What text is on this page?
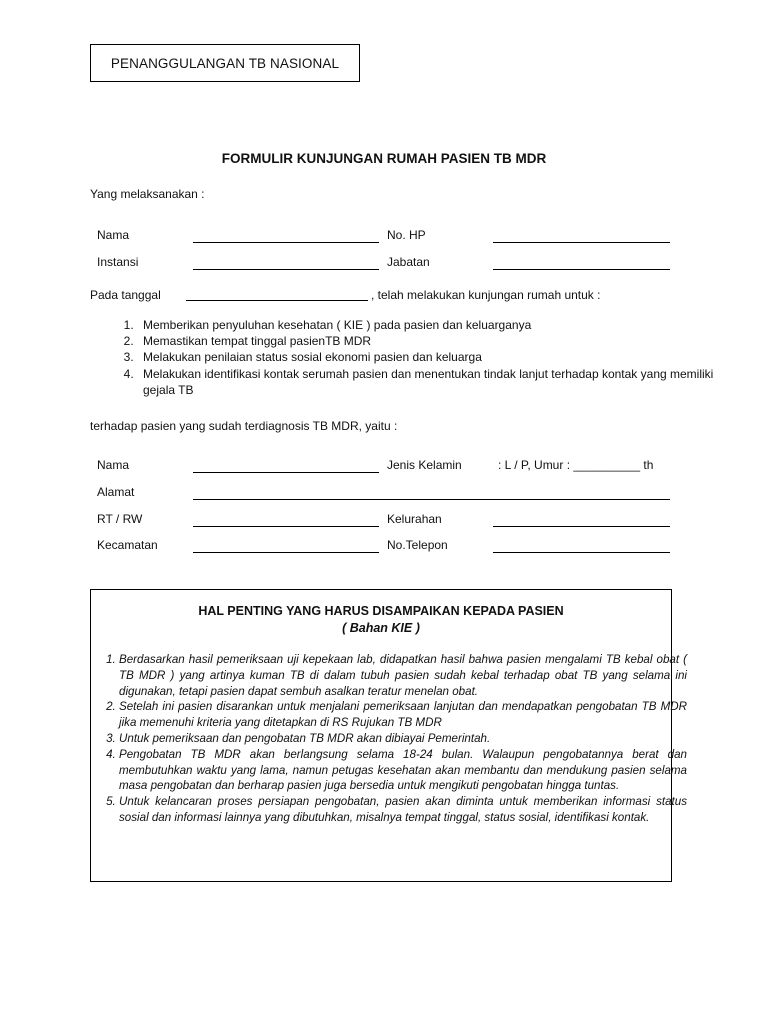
PENANGGULANGAN TB NASIONAL
FORMULIR KUNJUNGAN RUMAH PASIEN TB MDR
Yang melaksanakan :
Nama	No. HP
Instansi	Jabatan
Pada tanggal	, telah melakukan kunjungan rumah untuk :
1. Memberikan penyuluhan kesehatan ( KIE ) pada pasien dan keluarganya
2. Memastikan tempat tinggal pasienTB MDR
3. Melakukan penilaian status sosial ekonomi pasien dan keluarga
4. Melakukan identifikasi kontak serumah pasien dan menentukan tindak lanjut terhadap kontak yang memiliki gejala TB
terhadap pasien yang sudah terdiagnosis TB MDR, yaitu :
Nama	Jenis Kelamin	: L / P, Umur : __________ th
Alamat
RT / RW	Kelurahan
Kecamatan	No.Telepon
HAL PENTING YANG HARUS DISAMPAIKAN KEPADA PASIEN
( Bahan KIE )
1. Berdasarkan hasil pemeriksaan uji kepekaan lab, didapatkan hasil bahwa pasien mengalami TB kebal obat ( TB MDR ) yang artinya kuman TB di dalam tubuh pasien sudah kebal terhadap obat TB yang selama ini digunakan, tetapi pasien dapat sembuh asalkan teratur menelan obat.
2. Setelah ini pasien disarankan untuk menjalani pemeriksaan lanjutan dan mendapatkan pengobatan TB MDR jika memenuhi kriteria yang ditetapkan di RS Rujukan TB MDR
3. Untuk pemeriksaan dan pengobatan TB MDR akan dibiayai Pemerintah.
4. Pengobatan TB MDR akan berlangsung selama 18-24 bulan. Walaupun pengobatannya berat dan membutuhkan waktu yang lama, namun petugas kesehatan akan membantu dan mendukung pasien selama masa pengobatan dan berharap pasien juga bersedia untuk mengikuti pengobatan hingga tuntas.
5. Untuk kelancaran proses persiapan pengobatan, pasien akan diminta untuk memberikan informasi status sosial dan informasi lainnya yang dibutuhkan, misalnya tempat tinggal, status sosial, identifikasi kontak.
